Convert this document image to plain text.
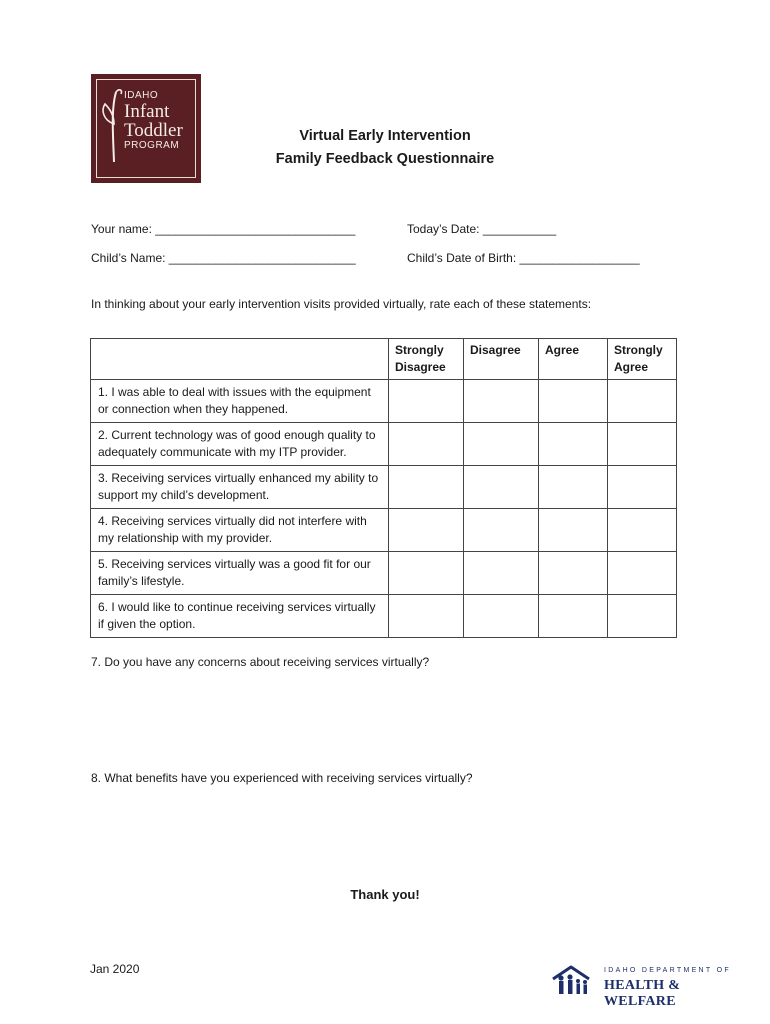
IDAHO
Infant
Toddler
PROGRAM
Virtual Early Intervention
Family Feedback Questionnaire
Your name: ______________________________	Today’s Date: ___________
Child’s Name: ____________________________	Child’s Date of Birth: __________________
In thinking about your early intervention visits provided virtually, rate each of these statements:
	Strongly Disagree	Disagree	Agree	Strongly Agree
1. I was able to deal with issues with the equipment or connection when they happened.				
2. Current technology was of good enough quality to adequately communicate with my ITP provider.				
3. Receiving services virtually enhanced my ability to support my child’s development.				
4. Receiving services virtually did not interfere with my relationship with my provider.				
5. Receiving services virtually was a good fit for our family’s lifestyle.				
6. I would like to continue receiving services virtually if given the option.				
7. Do you have any concerns about receiving services virtually?
8. What benefits have you experienced with receiving services virtually?
Thank you!
Jan 2020	IDAHO DEPARTMENT OF
HEALTH & WELFARE
